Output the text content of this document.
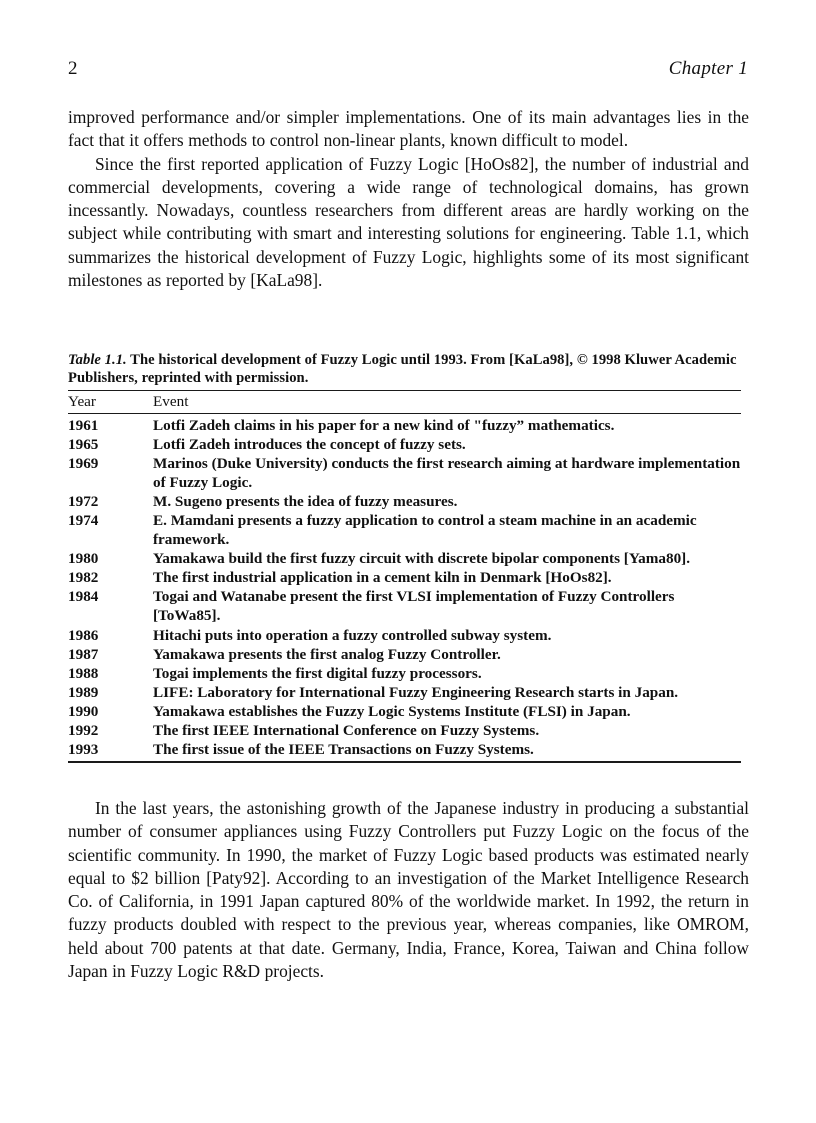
2	Chapter 1

improved performance and/or simpler implementations. One of its main advantages lies in the fact that it offers methods to control non-linear plants, known difficult to model.

Since the first reported application of Fuzzy Logic [HoOs82], the number of industrial and commercial developments, covering a wide range of technological domains, has grown incessantly. Nowadays, countless researchers from different areas are hardly working on the subject while contributing with smart and interesting solutions for engineering. Table 1.1, which summarizes the historical development of Fuzzy Logic, highlights some of its most significant milestones as reported by [KaLa98].

Table 1.1. The historical development of Fuzzy Logic until 1993. From [KaLa98], © 1998 Kluwer Academic Publishers, reprinted with permission.

Year	Event
1961	Lotfi Zadeh claims in his paper for a new kind of "fuzzy” mathematics.
1965	Lotfi Zadeh introduces the concept of fuzzy sets.
1969	Marinos (Duke University) conducts the first research aiming at hardware implementation of Fuzzy Logic.
1972	M. Sugeno presents the idea of fuzzy measures.
1974	E. Mamdani presents a fuzzy application to control a steam machine in an academic framework.
1980	Yamakawa build the first fuzzy circuit with discrete bipolar components [Yama80].
1982	The first industrial application in a cement kiln in Denmark [HoOs82].
1984	Togai and Watanabe present the first VLSI implementation of Fuzzy Controllers [ToWa85].
1986	Hitachi puts into operation a fuzzy controlled subway system.
1987	Yamakawa presents the first analog Fuzzy Controller.
1988	Togai implements the first digital fuzzy processors.
1989	LIFE: Laboratory for International Fuzzy Engineering Research starts in Japan.
1990	Yamakawa establishes the Fuzzy Logic Systems Institute (FLSI) in Japan.
1992	The first IEEE International Conference on Fuzzy Systems.
1993	The first issue of the IEEE Transactions on Fuzzy Systems.

In the last years, the astonishing growth of the Japanese industry in producing a substantial number of consumer appliances using Fuzzy Controllers put Fuzzy Logic on the focus of the scientific community. In 1990, the market of Fuzzy Logic based products was estimated nearly equal to $2 billion [Paty92]. According to an investigation of the Market Intelligence Research Co. of California, in 1991 Japan captured 80% of the worldwide market. In 1992, the return in fuzzy products doubled with respect to the previous year, whereas companies, like OMROM, held about 700 patents at that date. Germany, India, France, Korea, Taiwan and China follow Japan in Fuzzy Logic R&D projects.
